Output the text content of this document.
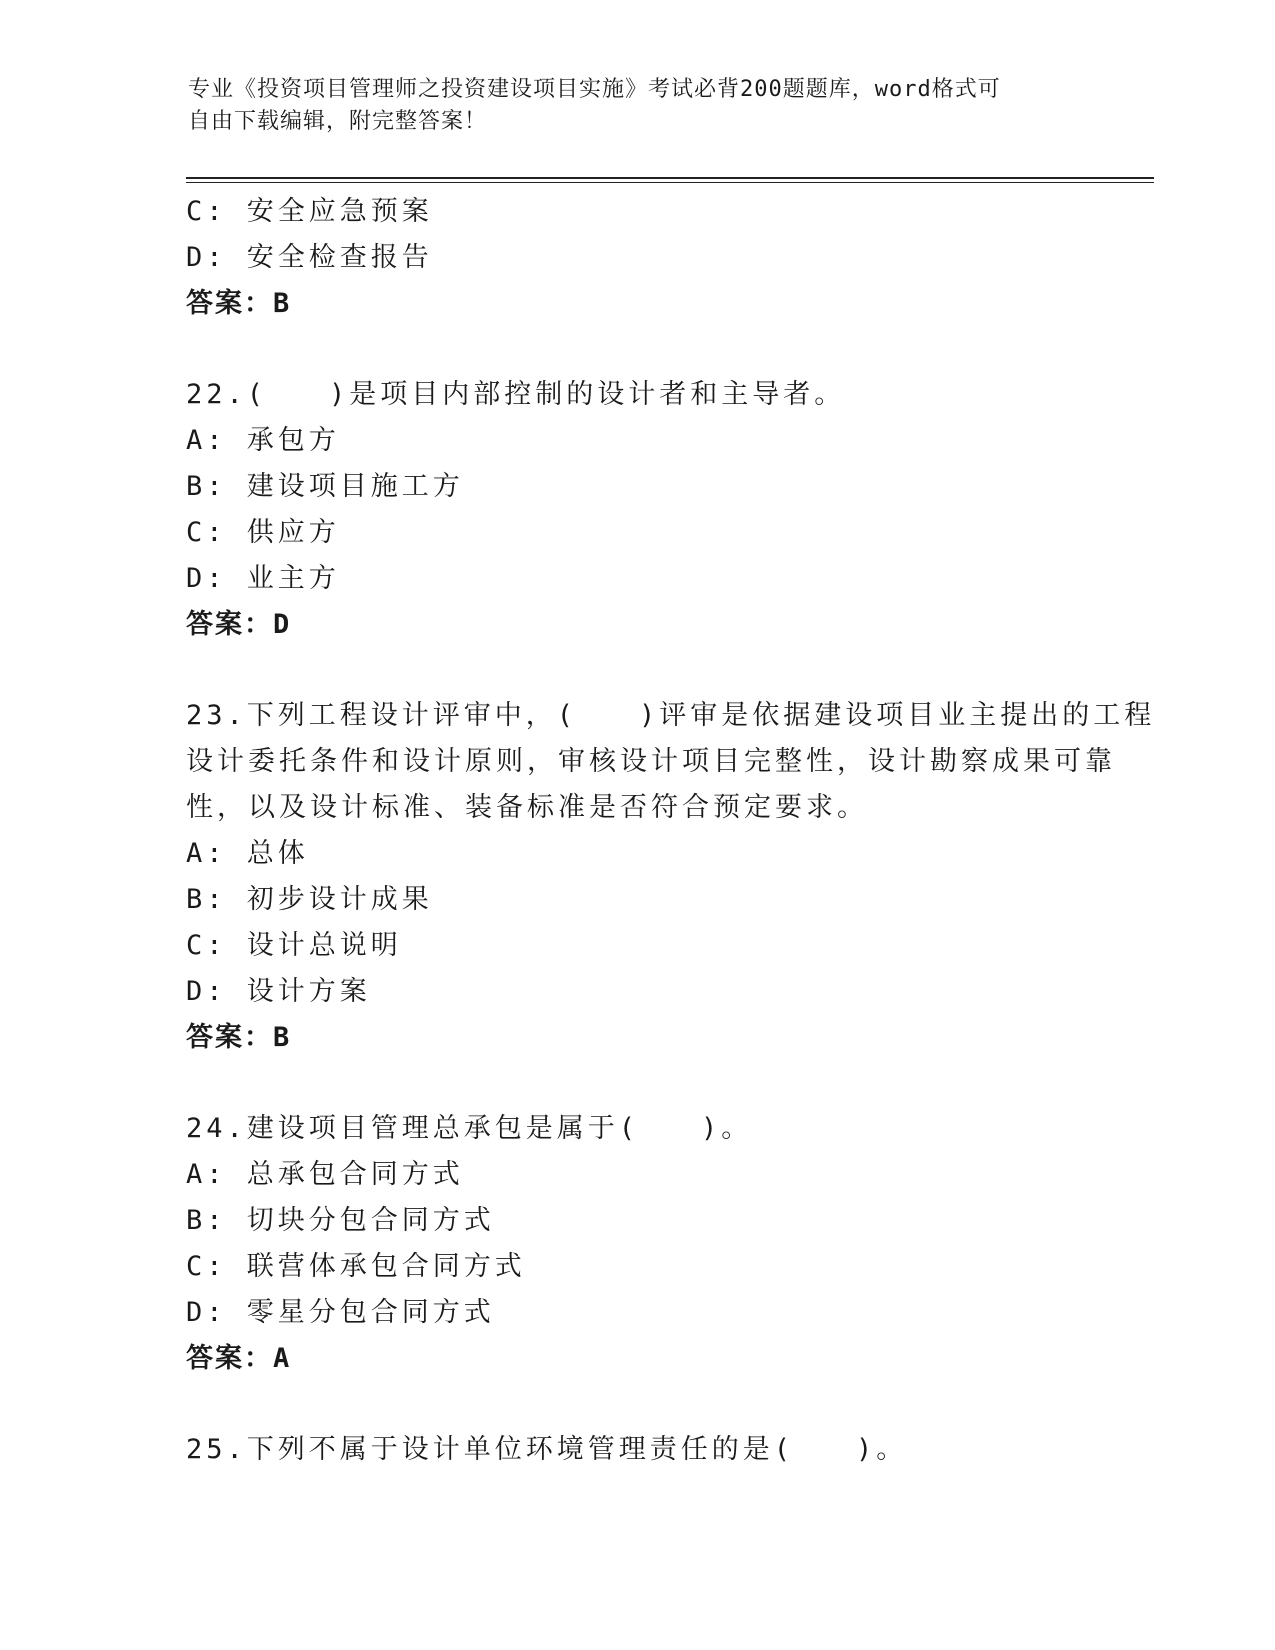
专业《投资项目管理师之投资建设项目实施》考试必背200题题库，word格式可
自由下载编辑，附完整答案！
C: 安全应急预案
D: 安全检查报告
答案：B
22.(　　)是项目内部控制的设计者和主导者。
A: 承包方
B: 建设项目施工方
C: 供应方
D: 业主方
答案：D
23.下列工程设计评审中，(　　)评审是依据建设项目业主提出的工程
设计委托条件和设计原则，审核设计项目完整性，设计勘察成果可靠
性，以及设计标准、装备标准是否符合预定要求。
A: 总体
B: 初步设计成果
C: 设计总说明
D: 设计方案
答案：B
24.建设项目管理总承包是属于(　　)。
A: 总承包合同方式
B: 切块分包合同方式
C: 联营体承包合同方式
D: 零星分包合同方式
答案：A
25.下列不属于设计单位环境管理责任的是(　　)。
